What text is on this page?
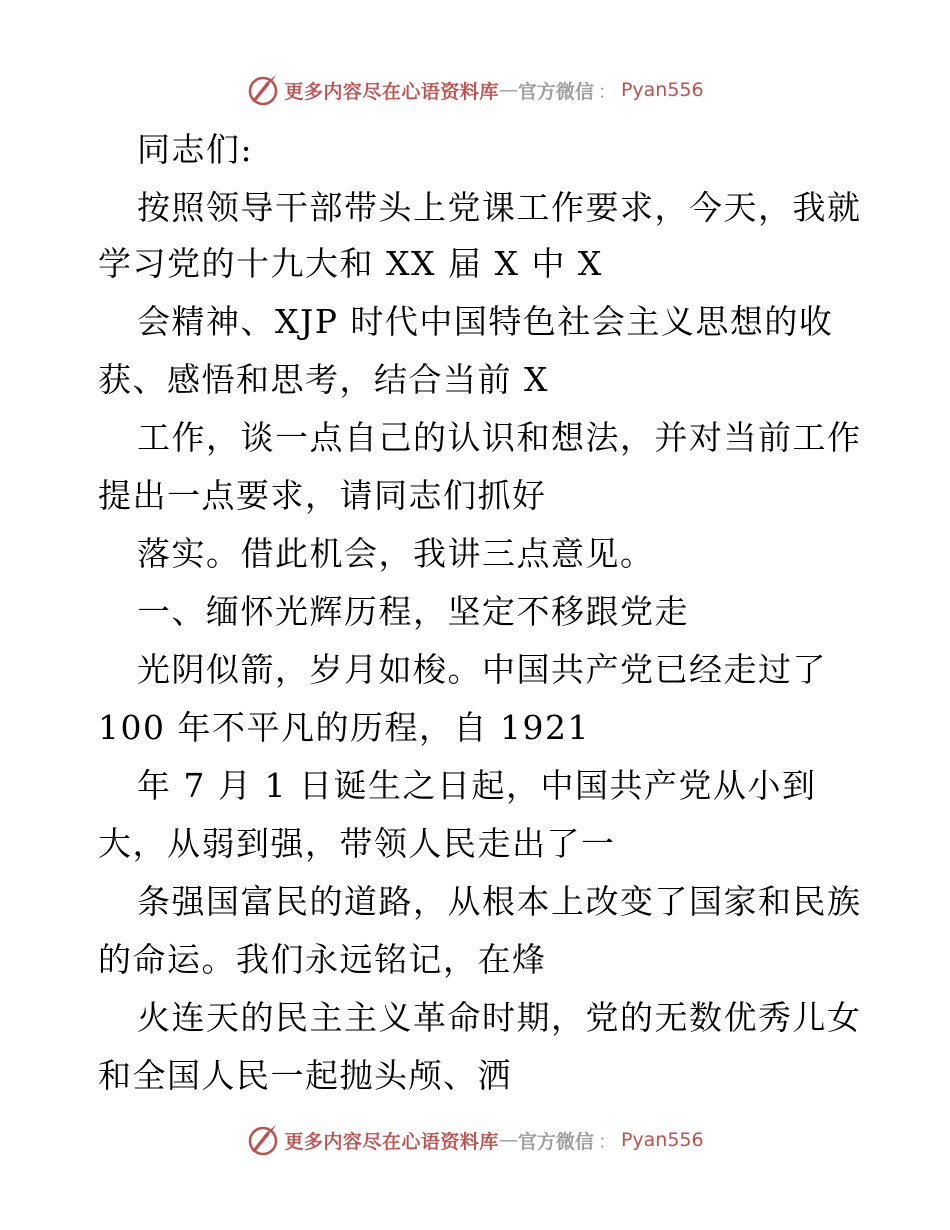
更多内容尽在心语资料库 — 官方微信 ： Pyan556
同志们:
按照领导干部带头上党课工作要求，今天，我就
学习党的十九大和 XX 届 X 中 X
会精神、XJP 时代中国特色社会主义思想的收
获、感悟和思考，结合当前 X
工作，谈一点自己的认识和想法，并对当前工作
提出一点要求，请同志们抓好
落实。借此机会，我讲三点意见。
一、缅怀光辉历程，坚定不移跟党走
光阴似箭，岁月如梭。中国共产党已经走过了
100 年不平凡的历程，自 1921
年 7 月 1 日诞生之日起，中国共产党从小到
大，从弱到强，带领人民走出了一
条强国富民的道路，从根本上改变了国家和民族
的命运。我们永远铭记，在烽
火连天的民主主义革命时期，党的无数优秀儿女
和全国人民一起抛头颅、洒
更多内容尽在心语资料库 — 官方微信 ： Pyan556
